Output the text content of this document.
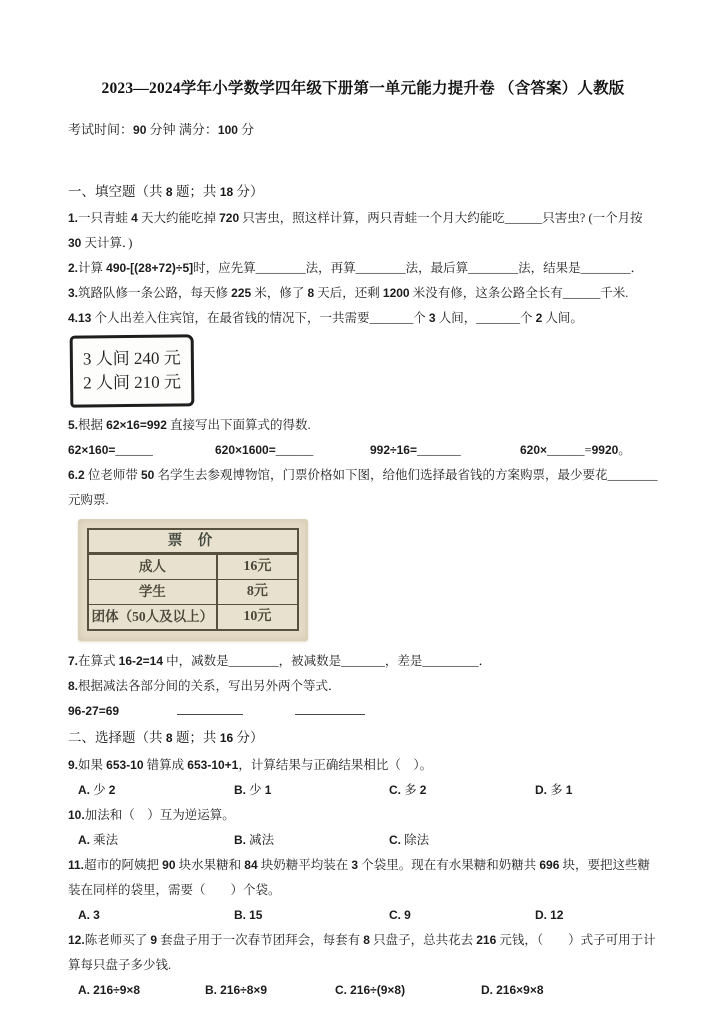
2023—2024学年小学数学四年级下册第一单元能力提升卷 （含答案）人教版
考试时间：90 分钟 满分：100 分
一、填空题（共 8 题；共 18 分）
1.一只青蛙 4 天大约能吃掉 720 只害虫，照这样计算，两只青蛙一个月大约能吃______只害虫? (一个月按
30 天计算．)
2.计算 490-[(28+72)÷5]时，应先算________法，再算________法，最后算________法，结果是________．
3.筑路队修一条公路，每天修 225 米，修了 8 天后，还剩 1200 米没有修，这条公路全长有______千米.
4.13 个人出差入住宾馆，在最省钱的情况下，一共需要_______个 3 人间，_______个 2 人间。
3 人间 240 元
2 人间 210 元
5.根据 62×16=992 直接写出下面算式的得数.
62×160=______	620×1600=______	992÷16=_______	620×______=9920。
6.2 位老师带 50 名学生去参观博物馆，门票价格如下图，给他们选择最省钱的方案购票，最少要花________
元购票.
票 价
成人	16元
学生	8元
团体（50人及以上）	10元
7.在算式 16-2=14 中，减数是________，被减数是_______，差是_________．
8.根据减法各部分间的关系，写出另外两个等式．
96-27=69
二、选择题（共 8 题；共 16 分）
9.如果 653-10 错算成 653-10+1，计算结果与正确结果相比（　）。
A. 少 2	B. 少 1	C. 多 2	D. 多 1
10.加法和（　）互为逆运算。
A. 乘法	B. 减法	C. 除法
11.超市的阿姨把 90 块水果糖和 84 块奶糖平均装在 3 个袋里。现在有水果糖和奶糖共 696 块，要把这些糖
装在同样的袋里，需要（　　）个袋。
A. 3	B. 15	C. 9	D. 12
12.陈老师买了 9 套盘子用于一次春节团拜会，每套有 8 只盘子，总共花去 216 元钱，（　　）式子可用于计
算每只盘子多少钱.
A. 216÷9×8	B. 216÷8×9	C. 216÷(9×8)	D. 216×9×8
